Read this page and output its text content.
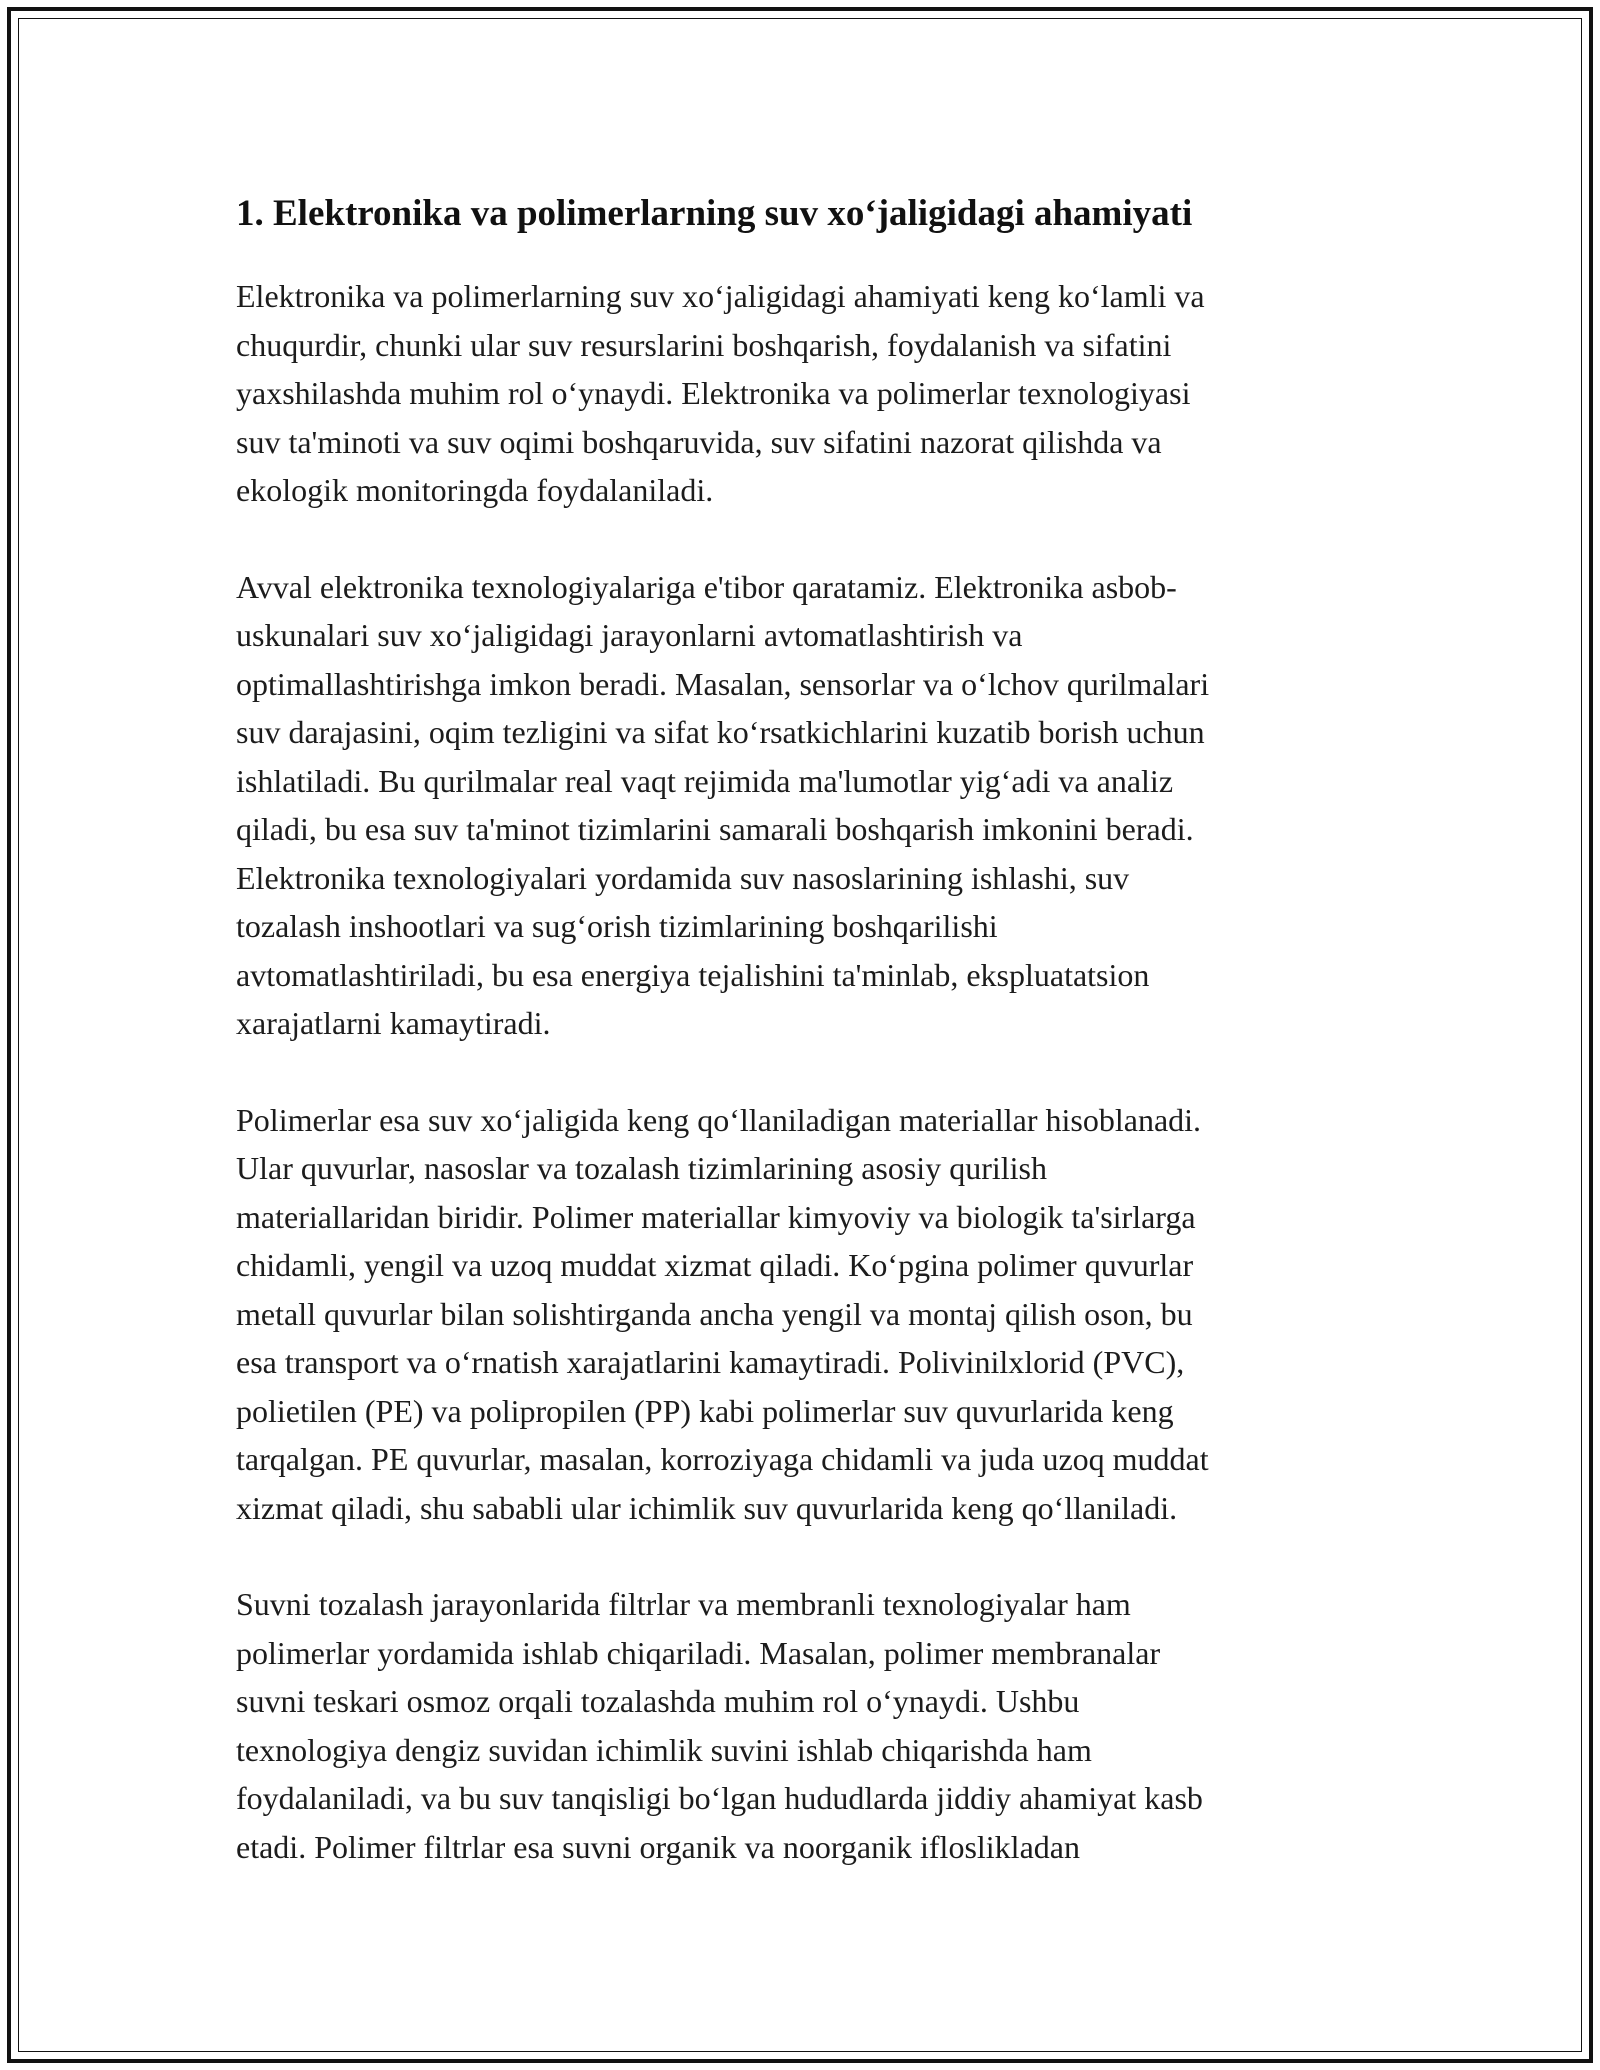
1. Elektronika va polimerlarning suv xo‘jaligidagi ahamiyati

Elektronika va polimerlarning suv xo‘jaligidagi ahamiyati keng ko‘lamli va
chuqurdir, chunki ular suv resurslarini boshqarish, foydalanish va sifatini
yaxshilashda muhim rol o‘ynaydi. Elektronika va polimerlar texnologiyasi
suv ta'minoti va suv oqimi boshqaruvida, suv sifatini nazorat qilishda va
ekologik monitoringda foydalaniladi.

Avval elektronika texnologiyalariga e'tibor qaratamiz. Elektronika asbob-
uskunalari suv xo‘jaligidagi jarayonlarni avtomatlashtirish va
optimallashtirishga imkon beradi. Masalan, sensorlar va o‘lchov qurilmalari
suv darajasini, oqim tezligini va sifat ko‘rsatkichlarini kuzatib borish uchun
ishlatiladi. Bu qurilmalar real vaqt rejimida ma'lumotlar yig‘adi va analiz
qiladi, bu esa suv ta'minot tizimlarini samarali boshqarish imkonini beradi.
Elektronika texnologiyalari yordamida suv nasoslarining ishlashi, suv
tozalash inshootlari va sug‘orish tizimlarining boshqarilishi
avtomatlashtiriladi, bu esa energiya tejalishini ta'minlab, ekspluatatsion
xarajatlarni kamaytiradi.

Polimerlar esa suv xo‘jaligida keng qo‘llaniladigan materiallar hisoblanadi.
Ular quvurlar, nasoslar va tozalash tizimlarining asosiy qurilish
materiallaridan biridir. Polimer materiallar kimyoviy va biologik ta'sirlarga
chidamli, yengil va uzoq muddat xizmat qiladi. Ko‘pgina polimer quvurlar
metall quvurlar bilan solishtirganda ancha yengil va montaj qilish oson, bu
esa transport va o‘rnatish xarajatlarini kamaytiradi. Polivinilxlorid (PVC),
polietilen (PE) va polipropilen (PP) kabi polimerlar suv quvurlarida keng
tarqalgan. PE quvurlar, masalan, korroziyaga chidamli va juda uzoq muddat
xizmat qiladi, shu sababli ular ichimlik suv quvurlarida keng qo‘llaniladi.

Suvni tozalash jarayonlarida filtrlar va membranli texnologiyalar ham
polimerlar yordamida ishlab chiqariladi. Masalan, polimer membranalar
suvni teskari osmoz orqali tozalashda muhim rol o‘ynaydi. Ushbu
texnologiya dengiz suvidan ichimlik suvini ishlab chiqarishda ham
foydalaniladi, va bu suv tanqisligi bo‘lgan hududlarda jiddiy ahamiyat kasb
etadi. Polimer filtrlar esa suvni organik va noorganik ifloslikladan
